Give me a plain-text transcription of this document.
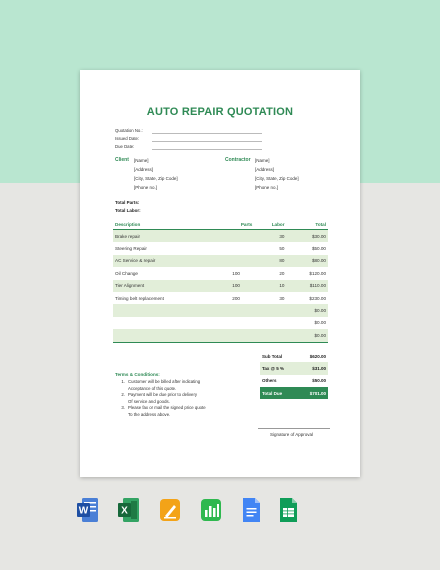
AUTO REPAIR QUOTATION
Quotation No.:
Issued Date:
Due Date:
Client [Name]
[Address]
[City, State, Zip Code]
[Phone no.]
Contractor [Name]
[Address]
[City, State, Zip Code]
[Phone no.]
Total Parts:
Total Labor:
Description	Parts	Labor	Total
Brake repair		30	$30.00
Steering Repair		50	$50.00
AC Service & repair		80	$80.00
Oil Change	100	20	$120.00
Tier Alignment	100	10	$110.00
Timing belt replacement	200	30	$230.00
			$0.00
			$0.00
			$0.00
Sub Total	$620.00
Tax @ 5 %	$31.00
Others	$50.00
Total Due	$701.00
Terms & Conditions:
1. Customer will be billed after indicating
Acceptance of this quote.
2. Payment will be due prior to delivery
Of service and goods.
3. Please fax or mail the signed price quote
To the address above.
Signature of Approval
W	X
